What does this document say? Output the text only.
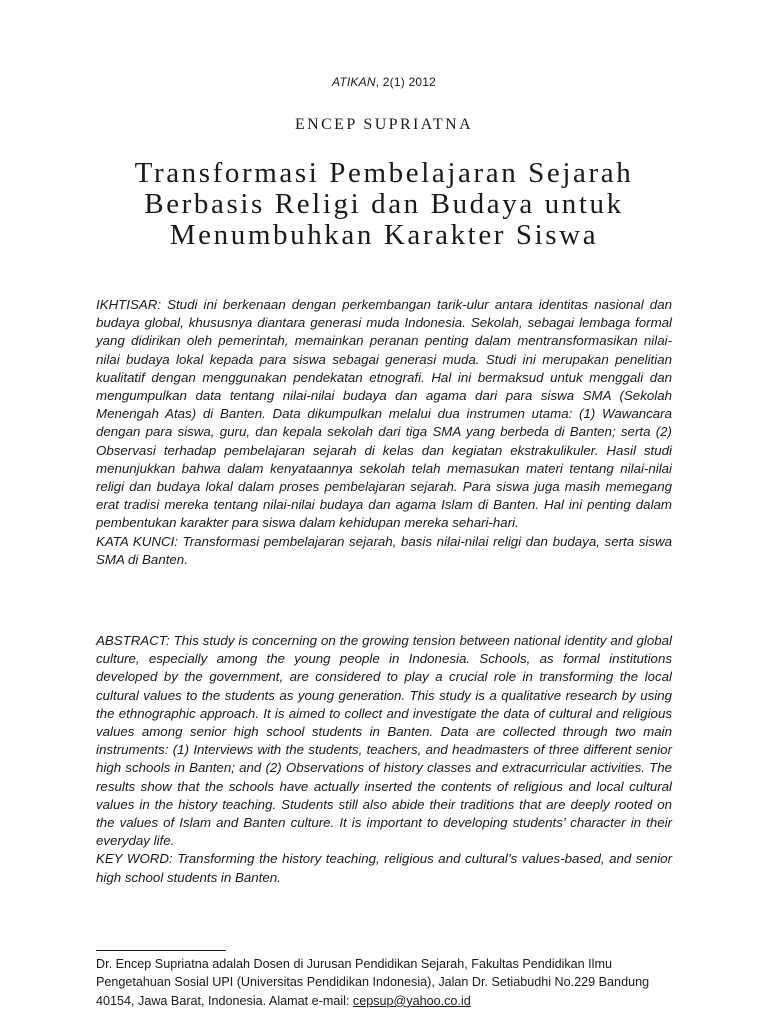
ATIKAN, 2(1) 2012
ENCEP SUPRIATNA
Transformasi Pembelajaran Sejarah
Berbasis Religi dan Budaya untuk
Menumbuhkan Karakter Siswa

IKHTISAR: Studi ini berkenaan dengan perkembangan tarik-ulur antara identitas nasional dan budaya global, khususnya diantara generasi muda Indonesia. Sekolah, sebagai lembaga formal yang didirikan oleh pemerintah, memainkan peranan penting dalam mentransformasikan nilai-nilai budaya lokal kepada para siswa sebagai generasi muda. Studi ini merupakan penelitian kualitatif dengan menggunakan pendekatan etnografi. Hal ini bermaksud untuk menggali dan mengumpulkan data tentang nilai-nilai budaya dan agama dari para siswa SMA (Sekolah Menengah Atas) di Banten. Data dikumpulkan melalui dua instrumen utama: (1) Wawancara dengan para siswa, guru, dan kepala sekolah dari tiga SMA yang berbeda di Banten; serta (2) Observasi terhadap pembelajaran sejarah di kelas dan kegiatan ekstrakulikuler. Hasil studi menunjukkan bahwa dalam kenyataannya sekolah telah memasukan materi tentang nilai-nilai religi dan budaya lokal dalam proses pembelajaran sejarah. Para siswa juga masih memegang erat tradisi mereka tentang nilai-nilai budaya dan agama Islam di Banten. Hal ini penting dalam pembentukan karakter para siswa dalam kehidupan mereka sehari-hari.

KATA KUNCI: Transformasi pembelajaran sejarah, basis nilai-nilai religi dan budaya, serta siswa SMA di Banten.

ABSTRACT: This study is concerning on the growing tension between national identity and global culture, especially among the young people in Indonesia. Schools, as formal institutions developed by the government, are considered to play a crucial role in transforming the local cultural values to the students as young generation. This study is a qualitative research by using the ethnographic approach. It is aimed to collect and investigate the data of cultural and religious values among senior high school students in Banten. Data are collected through two main instruments: (1) Interviews with the students, teachers, and headmasters of three different senior high schools in Banten; and (2) Observations of history classes and extracurricular activities. The results show that the schools have actually inserted the contents of religious and local cultural values in the history teaching. Students still also abide their traditions that are deeply rooted on the values of Islam and Banten culture. It is important to developing students’ character in their everyday life.

KEY WORD: Transforming the history teaching, religious and cultural’s values-based, and senior high school students in Banten.

Dr. Encep Supriatna adalah Dosen di Jurusan Pendidikan Sejarah, Fakultas Pendidikan Ilmu Pengetahuan Sosial UPI (Universitas Pendidikan Indonesia), Jalan Dr. Setiabudhi No.229 Bandung 40154, Jawa Barat, Indonesia. Alamat e-mail: cepsup@yahoo.co.id
